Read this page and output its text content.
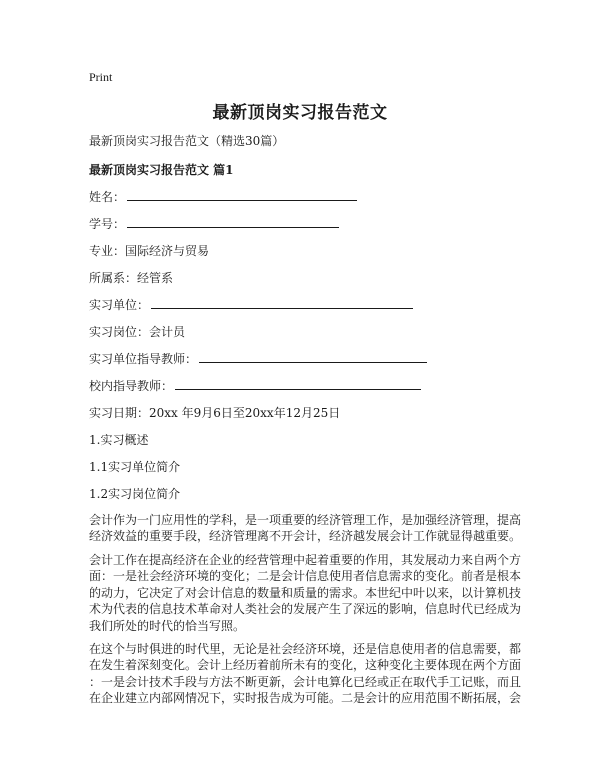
Print
最新顶岗实习报告范文
最新顶岗实习报告范文（精选30篇）
最新顶岗实习报告范文 篇1
姓名：
学号：
专业：国际经济与贸易
所属系：经管系
实习单位：
实习岗位：会计员
实习单位指导教师：
校内指导教师：
实习日期：20xx 年9月6日至20xx年12月25日
1.实习概述
1.1实习单位简介
1.2实习岗位简介
会计作为一门应用性的学科，是一项重要的经济管理工作，是加强经济管理，提高
经济效益的重要手段，经济管理离不开会计，经济越发展会计工作就显得越重要。
会计工作在提高经济在企业的经营管理中起着重要的作用，其发展动力来自两个方
面：一是社会经济环境的变化；二是会计信息使用者信息需求的变化。前者是根本
的动力，它决定了对会计信息的数量和质量的需求。本世纪中叶以来，以计算机技
术为代表的信息技术革命对人类社会的发展产生了深远的影响，信息时代已经成为
我们所处的时代的恰当写照。
在这个与时俱进的时代里，无论是社会经济环境，还是信息使用者的信息需要，都
在发生着深刻变化。会计上经历着前所未有的变化，这种变化主要体现在两个方面
：一是会计技术手段与方法不断更新，会计电算化已经或正在取代手工记账，而且
在企业建立内部网情况下，实时报告成为可能。二是会计的应用范围不断拓展，会
